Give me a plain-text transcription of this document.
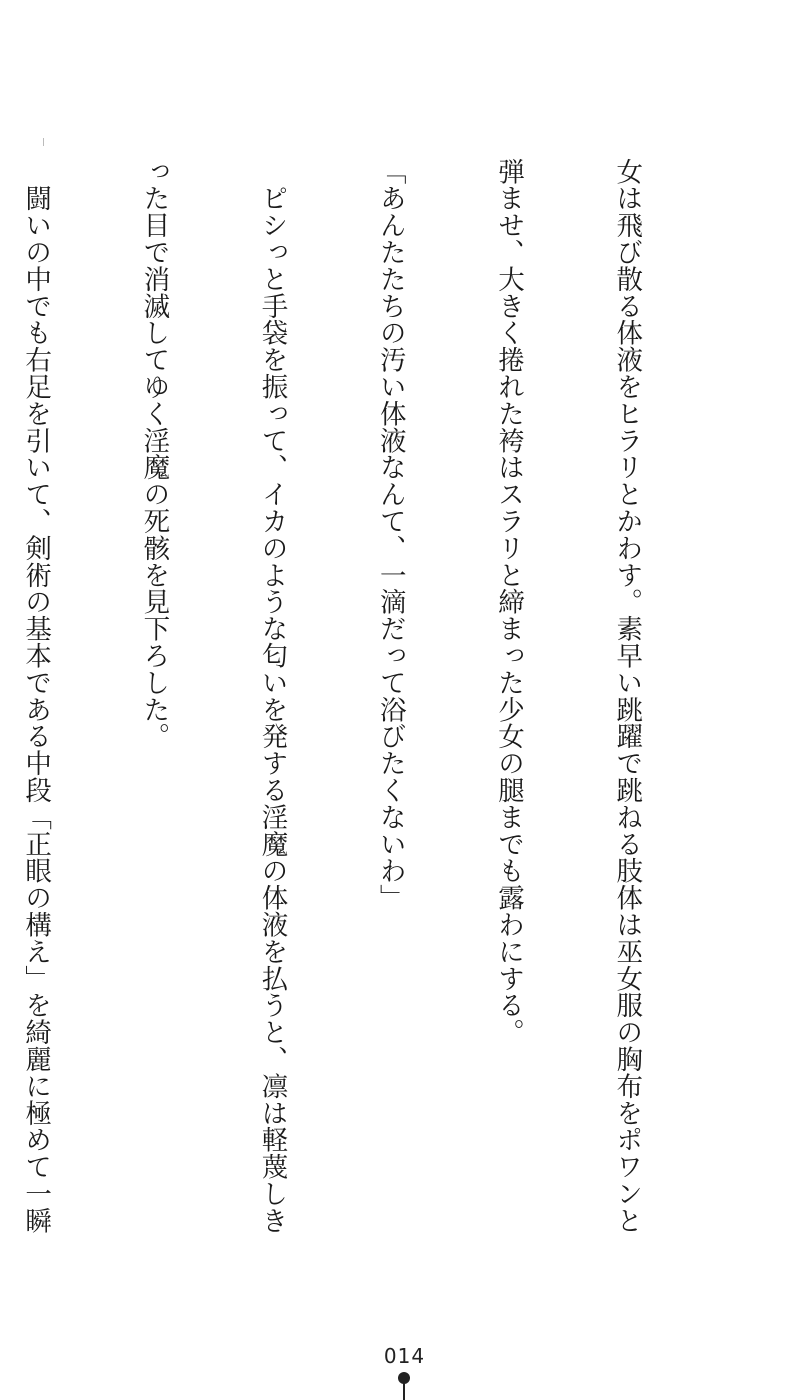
女は飛び散る体液をヒラリとかわす。素早い跳躍で跳ねる肢体は巫女服の胸布をポワンと

弾ませ、大きく捲れた袴はスラリと締まった少女の腿までも露わにする。

「あんたたちの汚い体液なんて、一滴だって浴びたくないわ」

　ピシっと手袋を振って、イカのような匂いを発する淫魔の体液を払うと、凛は軽蔑しき

った目で消滅してゆく淫魔の死骸を見下ろした。

　闘いの中でも右足を引いて、剣術の基本である中段「正眼の構え」を綺麗に極めて一瞬

014
